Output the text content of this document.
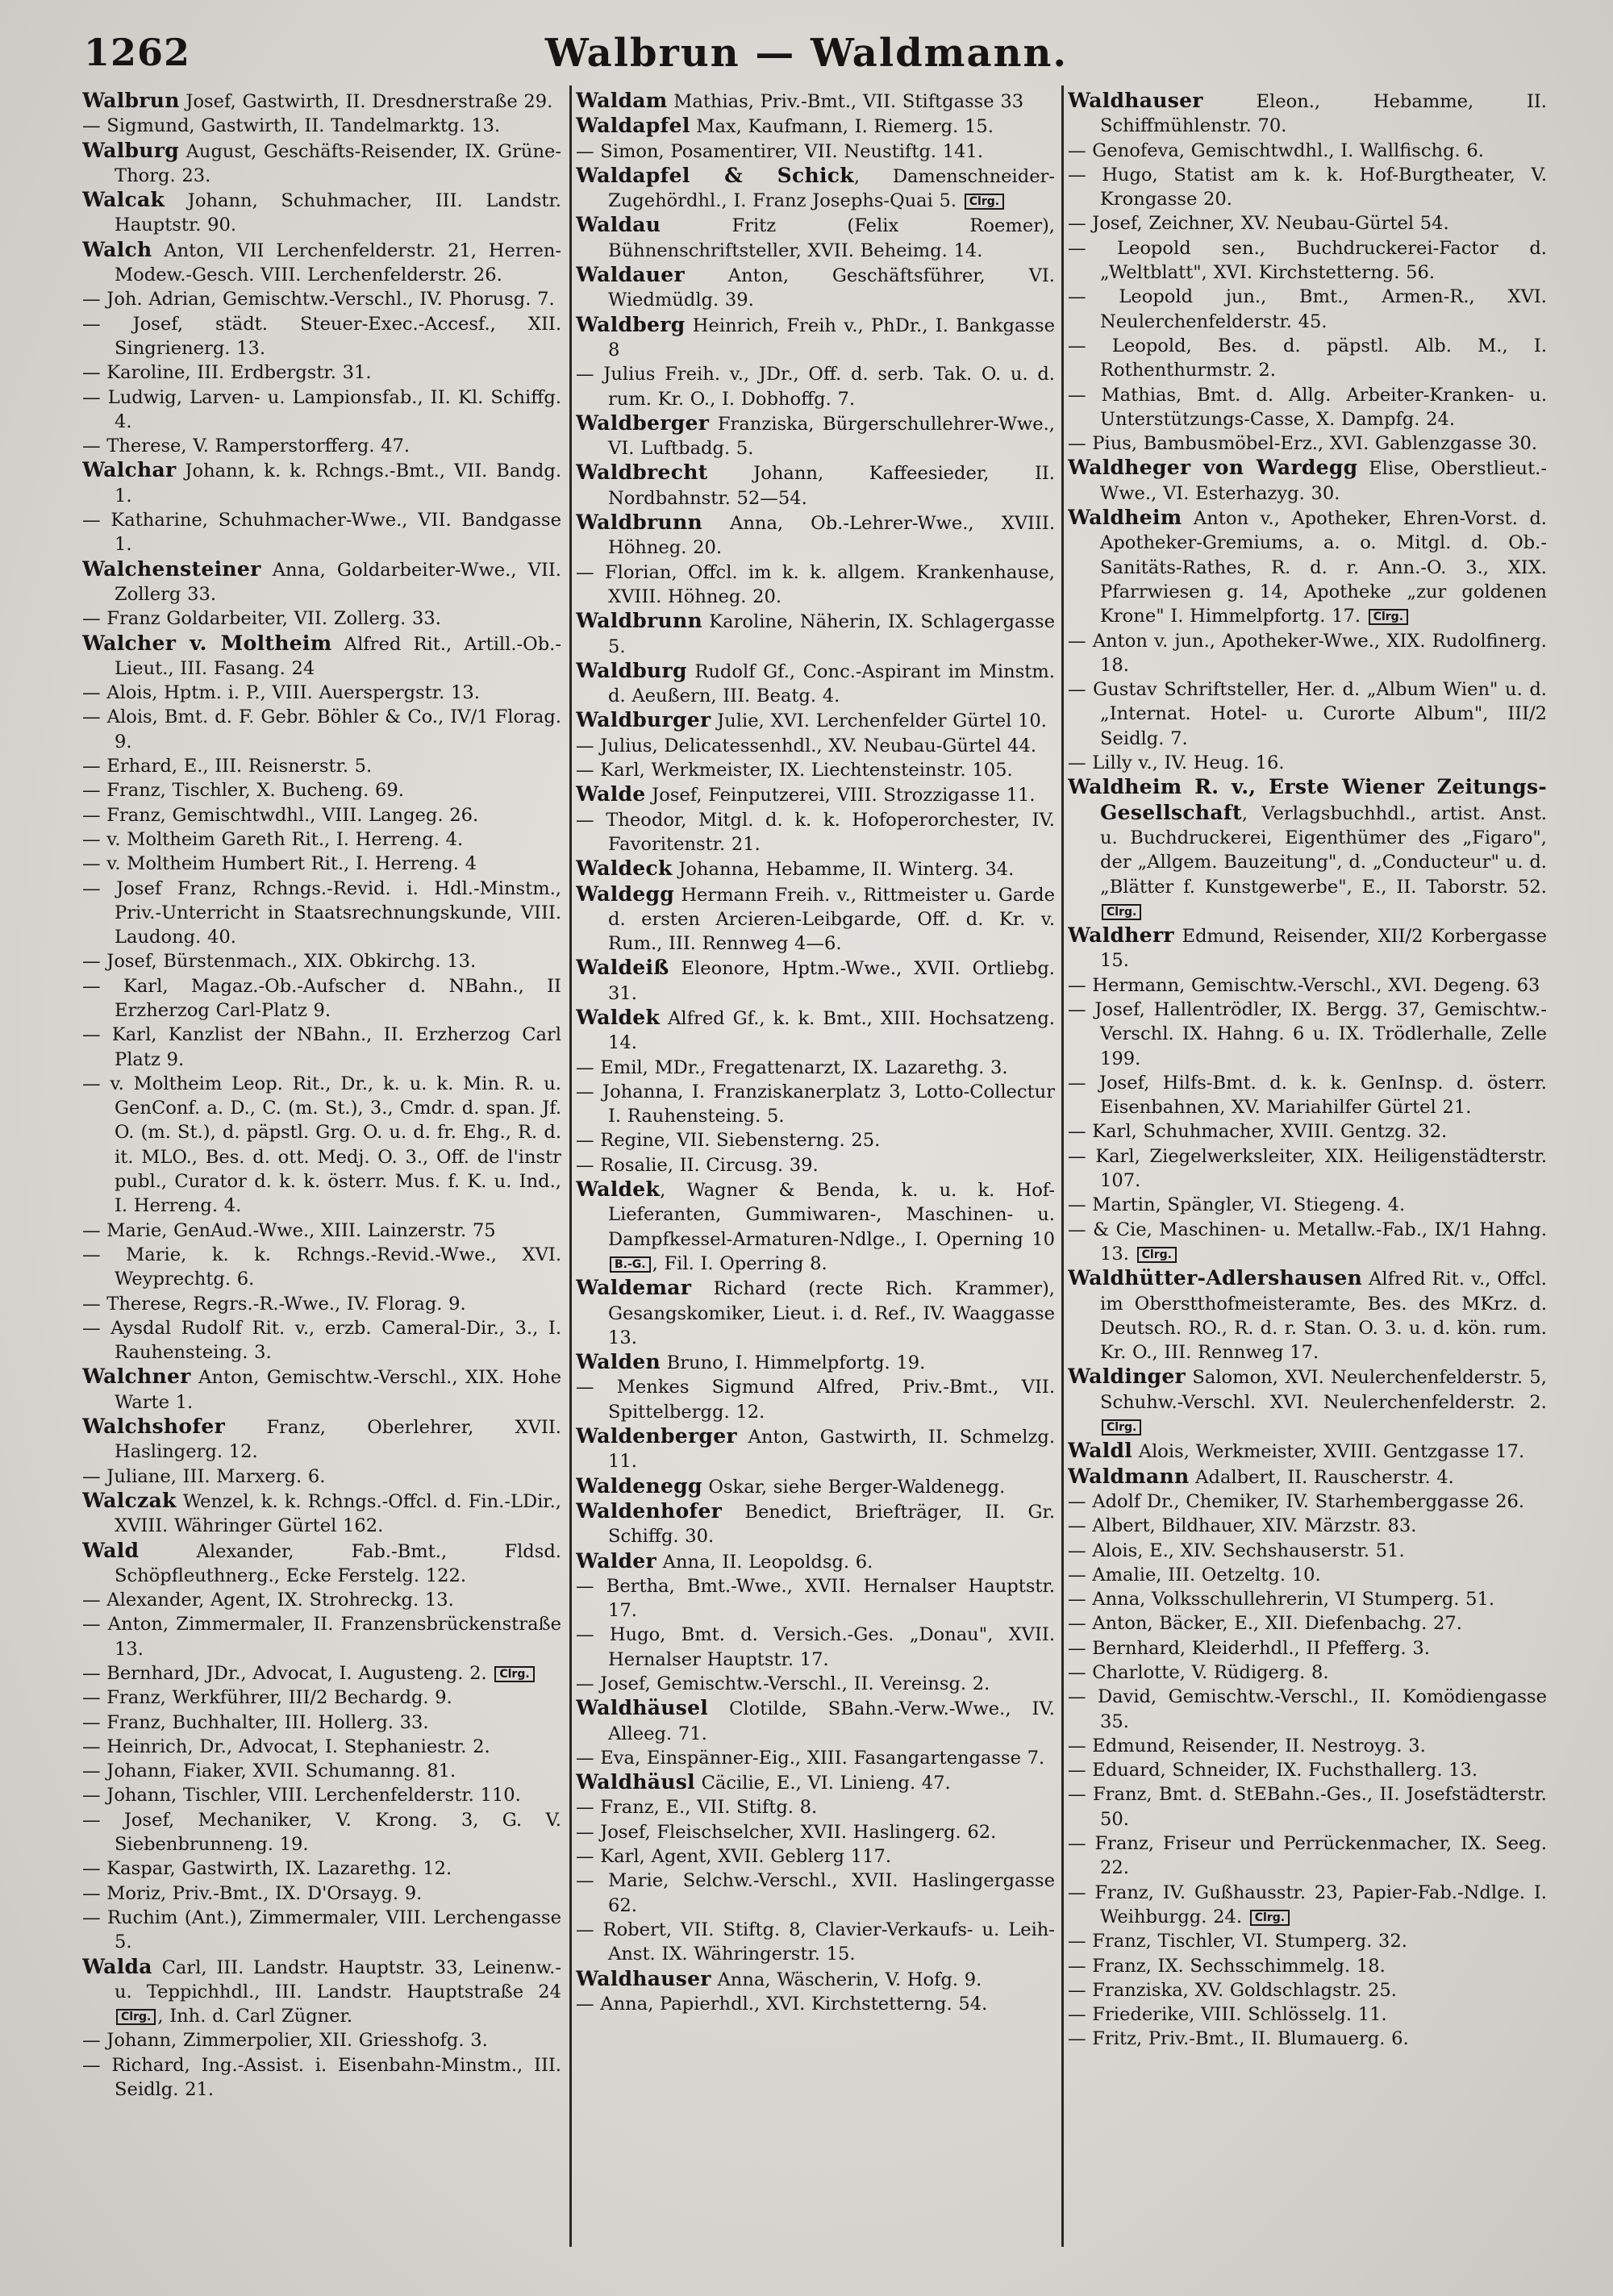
1262	Walbrun — Waldmann.
Walbrun Josef, Gastwirth, II. Dresdnerstraße 29.
— Sigmund, Gastwirth, II. Tandelmarktg. 13.
Walburg August, Geschäfts-Reisender, IX. Grüne-Thorg. 23.
Walcak Johann, Schuhmacher, III. Landstr. Hauptstr. 90.
Walch Anton, VII Lerchenfelderstr. 21, Herren-Modew.-Gesch. VIII. Lerchenfelderstr. 26.
— Joh. Adrian, Gemischtw.-Verschl., IV. Phorusg. 7.
— Josef, städt. Steuer-Exec.-Accesf., XII. Singrienerg. 13.
— Karoline, III. Erdbergstr. 31.
— Ludwig, Larven- u. Lampionsfab., II. Kl. Schiffg. 4.
— Therese, V. Ramperstorfferg. 47.
Walchar Johann, k. k. Rchngs.-Bmt., VII. Bandg. 1.
— Katharine, Schuhmacher-Wwe., VII. Bandgasse 1.
Walchensteiner Anna, Goldarbeiter-Wwe., VII. Zollerg 33.
— Franz Goldarbeiter, VII. Zollerg. 33.
Walcher v. Moltheim Alfred Rit., Artill.-Ob.-Lieut., III. Fasang. 24
— Alois, Hptm. i. P., VIII. Auerspergstr. 13.
— Alois, Bmt. d. F. Gebr. Böhler & Co., IV/1 Florag. 9.
— Erhard, E., III. Reisnerstr. 5.
— Franz, Tischler, X. Bucheng. 69.
— Franz, Gemischtwdhl., VIII. Langeg. 26.
— v. Moltheim Gareth Rit., I. Herreng. 4.
— v. Moltheim Humbert Rit., I. Herreng. 4
— Josef Franz, Rchngs.-Revid. i. Hdl.-Minstm., Priv.-Unterricht in Staatsrechnungskunde, VIII. Laudong. 40.
— Josef, Bürstenmach., XIX. Obkirchg. 13.
— Karl, Magaz.-Ob.-Aufscher d. NBahn., II Erzherzog Carl-Platz 9.
— Karl, Kanzlist der NBahn., II. Erzherzog Carl Platz 9.
— v. Moltheim Leop. Rit., Dr., k. u. k. Min. R. u. GenConf. a. D., C. (m. St.), 3., Cmdr. d. span. Jf. O. (m. St.), d. päpstl. Grg. O. u. d. fr. Ehg., R. d. it. MLO., Bes. d. ott. Medj. O. 3., Off. de l'instr publ., Curator d. k. k. österr. Mus. f. K. u. Ind., I. Herreng. 4.
— Marie, GenAud.-Wwe., XIII. Lainzerstr. 75
— Marie, k. k. Rchngs.-Revid.-Wwe., XVI. Weyprechtg. 6.
— Therese, Regrs.-R.-Wwe., IV. Florag. 9.
— Aysdal Rudolf Rit. v., erzb. Cameral-Dir., 3., I. Rauhensteing. 3.
Walchner Anton, Gemischtw.-Verschl., XIX. Hohe Warte 1.
Walchshofer Franz, Oberlehrer, XVII. Haslingerg. 12.
— Juliane, III. Marxerg. 6.
Walczak Wenzel, k. k. Rchngs.-Offcl. d. Fin.-LDir., XVIII. Währinger Gürtel 162.
Wald Alexander, Fab.-Bmt., Fldsd. Schöpfleuthnerg., Ecke Ferstelg. 122.
— Alexander, Agent, IX. Strohreckg. 13.
— Anton, Zimmermaler, II. Franzensbrückenstraße 13.
— Bernhard, JDr., Advocat, I. Augusteng. 2. Clrg.
— Franz, Werkführer, III/2 Bechardg. 9.
— Franz, Buchhalter, III. Hollerg. 33.
— Heinrich, Dr., Advocat, I. Stephaniestr. 2.
— Johann, Fiaker, XVII. Schumanng. 81.
— Johann, Tischler, VIII. Lerchenfelderstr. 110.
— Josef, Mechaniker, V. Krong. 3, G. V. Siebenbrunneng. 19.
— Kaspar, Gastwirth, IX. Lazarethg. 12.
— Moriz, Priv.-Bmt., IX. D'Orsayg. 9.
— Ruchim (Ant.), Zimmermaler, VIII. Lerchengasse 5.
Walda Carl, III. Landstr. Hauptstr. 33, Leinenw.- u. Teppichhdl., III. Landstr. Hauptstraße 24 Clrg. , Inh. d. Carl Zügner.
— Johann, Zimmerpolier, XII. Griesshofg. 3.
— Richard, Ing.-Assist. i. Eisenbahn-Minstm., III. Seidlg. 21.
Waldam Mathias, Priv.-Bmt., VII. Stiftgasse 33
Waldapfel Max, Kaufmann, I. Riemerg. 15.
— Simon, Posamentirer, VII. Neustiftg. 141.
Waldapfel & Schick, Damenschneider-Zugehördhl., I. Franz Josephs-Quai 5. Clrg.
Waldau Fritz (Felix Roemer), Bühnenschriftsteller, XVII. Beheimg. 14.
Waldauer Anton, Geschäftsführer, VI. Wiedmüdlg. 39.
Waldberg Heinrich, Freih v., PhDr., I. Bankgasse 8
— Julius Freih. v., JDr., Off. d. serb. Tak. O. u. d. rum. Kr. O., I. Dobhoffg. 7.
Waldberger Franziska, Bürgerschullehrer-Wwe., VI. Luftbadg. 5.
Waldbrecht Johann, Kaffeesieder, II. Nordbahnstr. 52—54.
Waldbrunn Anna, Ob.-Lehrer-Wwe., XVIII. Höhneg. 20.
— Florian, Offcl. im k. k. allgem. Krankenhause, XVIII. Höhneg. 20.
Waldbrunn Karoline, Näherin, IX. Schlagergasse 5.
Waldburg Rudolf Gf., Conc.-Aspirant im Minstm. d. Aeußern, III. Beatg. 4.
Waldburger Julie, XVI. Lerchenfelder Gürtel 10.
— Julius, Delicatessenhdl., XV. Neubau-Gürtel 44.
— Karl, Werkmeister, IX. Liechtensteinstr. 105.
Walde Josef, Feinputzerei, VIII. Strozzigasse 11.
— Theodor, Mitgl. d. k. k. Hofoperorchester, IV. Favoritenstr. 21.
Waldeck Johanna, Hebamme, II. Winterg. 34.
Waldegg Hermann Freih. v., Rittmeister u. Garde d. ersten Arcieren-Leibgarde, Off. d. Kr. v. Rum., III. Rennweg 4—6.
Waldeiß Eleonore, Hptm.-Wwe., XVII. Ortliebg. 31.
Waldek Alfred Gf., k. k. Bmt., XIII. Hochsatzeng. 14.
— Emil, MDr., Fregattenarzt, IX. Lazarethg. 3.
— Johanna, I. Franziskanerplatz 3, Lotto-Collectur I. Rauhensteing. 5.
— Regine, VII. Siebensterng. 25.
— Rosalie, II. Circusg. 39.
Waldek, Wagner & Benda, k. u. k. Hof-Lieferanten, Gummiwaren-, Maschinen- u. Dampfkessel-Armaturen-Ndlge., I. Operning 10 B.-G. , Fil. I. Operring 8.
Waldemar Richard (recte Rich. Krammer), Gesangskomiker, Lieut. i. d. Ref., IV. Waaggasse 13.
Walden Bruno, I. Himmelpfortg. 19.
— Menkes Sigmund Alfred, Priv.-Bmt., VII. Spittelbergg. 12.
Waldenberger Anton, Gastwirth, II. Schmelzg. 11.
Waldenegg Oskar, siehe Berger-Waldenegg.
Waldenhofer Benedict, Briefträger, II. Gr. Schiffg. 30.
Walder Anna, II. Leopoldsg. 6.
— Bertha, Bmt.-Wwe., XVII. Hernalser Hauptstr. 17.
— Hugo, Bmt. d. Versich.-Ges. „Donau", XVII. Hernalser Hauptstr. 17.
— Josef, Gemischtw.-Verschl., II. Vereinsg. 2.
Waldhäusel Clotilde, SBahn.-Verw.-Wwe., IV. Alleeg. 71.
— Eva, Einspänner-Eig., XIII. Fasangartengasse 7.
Waldhäusl Cäcilie, E., VI. Linieng. 47.
— Franz, E., VII. Stiftg. 8.
— Josef, Fleischselcher, XVII. Haslingerg. 62.
— Karl, Agent, XVII. Geblerg 117.
— Marie, Selchw.-Verschl., XVII. Haslingergasse 62.
— Robert, VII. Stiftg. 8, Clavier-Verkaufs- u. Leih-Anst. IX. Währingerstr. 15.
Waldhauser Anna, Wäscherin, V. Hofg. 9.
— Anna, Papierhdl., XVI. Kirchstetterng. 54.
Waldhauser Eleon., Hebamme, II. Schiffmühlenstr. 70.
— Genofeva, Gemischtwdhl., I. Wallfischg. 6.
— Hugo, Statist am k. k. Hof-Burgtheater, V. Krongasse 20.
— Josef, Zeichner, XV. Neubau-Gürtel 54.
— Leopold sen., Buchdruckerei-Factor d. „Weltblatt", XVI. Kirchstetterng. 56.
— Leopold jun., Bmt., Armen-R., XVI. Neulerchenfelderstr. 45.
— Leopold, Bes. d. päpstl. Alb. M., I. Rothenthurmstr. 2.
— Mathias, Bmt. d. Allg. Arbeiter-Kranken- u. Unterstützungs-Casse, X. Dampfg. 24.
— Pius, Bambusmöbel-Erz., XVI. Gablenzgasse 30.
Waldheger von Wardegg Elise, Oberstlieut.-Wwe., VI. Esterhazyg. 30.
Waldheim Anton v., Apotheker, Ehren-Vorst. d. Apotheker-Gremiums, a. o. Mitgl. d. Ob.-Sanitäts-Rathes, R. d. r. Ann.-O. 3., XIX. Pfarrwiesen g. 14, Apotheke „zur goldenen Krone" I. Himmelpfortg. 17. Clrg.
— Anton v. jun., Apotheker-Wwe., XIX. Rudolfinerg. 18.
— Gustav Schriftsteller, Her. d. „Album Wien" u. d. „Internat. Hotel- u. Curorte Album", III/2 Seidlg. 7.
— Lilly v., IV. Heug. 16.
Waldheim R. v., Erste Wiener Zeitungs-Gesellschaft, Verlagsbuchhdl., artist. Anst. u. Buchdruckerei, Eigenthümer des „Figaro", der „Allgem. Bauzeitung", d. „Conducteur" u. d. „Blätter f. Kunstgewerbe", E., II. Taborstr. 52. Clrg.
Waldherr Edmund, Reisender, XII/2 Korbergasse 15.
— Hermann, Gemischtw.-Verschl., XVI. Degeng. 63
— Josef, Hallentrödler, IX. Bergg. 37, Gemischtw.-Verschl. IX. Hahng. 6 u. IX. Trödlerhalle, Zelle 199.
— Josef, Hilfs-Bmt. d. k. k. GenInsp. d. österr. Eisenbahnen, XV. Mariahilfer Gürtel 21.
— Karl, Schuhmacher, XVIII. Gentzg. 32.
— Karl, Ziegelwerksleiter, XIX. Heiligenstädterstr. 107.
— Martin, Spängler, VI. Stiegeng. 4.
— & Cie, Maschinen- u. Metallw.-Fab., IX/1 Hahng. 13. Clrg.
Waldhütter-Adlershausen Alfred Rit. v., Offcl. im Oberstthofmeisteramte, Bes. des MKrz. d. Deutsch. RO., R. d. r. Stan. O. 3. u. d. kön. rum. Kr. O., III. Rennweg 17.
Waldinger Salomon, XVI. Neulerchenfelderstr. 5, Schuhw.-Verschl. XVI. Neulerchenfelderstr. 2. Clrg.
Waldl Alois, Werkmeister, XVIII. Gentzgasse 17.
Waldmann Adalbert, II. Rauscherstr. 4.
— Adolf Dr., Chemiker, IV. Starhemberggasse 26.
— Albert, Bildhauer, XIV. Märzstr. 83.
— Alois, E., XIV. Sechshauserstr. 51.
— Amalie, III. Oetzeltg. 10.
— Anna, Volksschullehrerin, VI Stumperg. 51.
— Anton, Bäcker, E., XII. Diefenbachg. 27.
— Bernhard, Kleiderhdl., II Pfefferg. 3.
— Charlotte, V. Rüdigerg. 8.
— David, Gemischtw.-Verschl., II. Komödiengasse 35.
— Edmund, Reisender, II. Nestroyg. 3.
— Eduard, Schneider, IX. Fuchsthallerg. 13.
— Franz, Bmt. d. StEBahn.-Ges., II. Josefstädterstr. 50.
— Franz, Friseur und Perrückenmacher, IX. Seeg. 22.
— Franz, IV. Gußhausstr. 23, Papier-Fab.-Ndlge. I. Weihburgg. 24. Clrg.
— Franz, Tischler, VI. Stumperg. 32.
— Franz, IX. Sechsschimmelg. 18.
— Franziska, XV. Goldschlagstr. 25.
— Friederike, VIII. Schlösselg. 11.
— Fritz, Priv.-Bmt., II. Blumauerg. 6.
